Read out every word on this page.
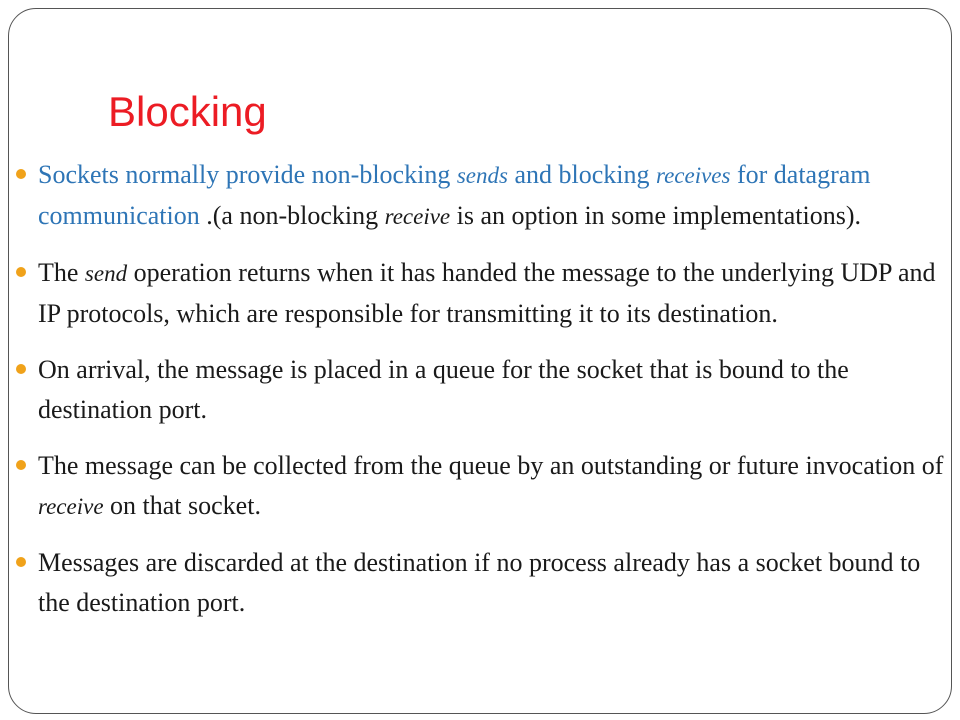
Blocking
Sockets normally provide non-blocking sends and blocking receives for datagram communication .(a non-blocking receive is an option in some implementations).
The send operation returns when it has handed the message to the underlying UDP and IP protocols, which are responsible for transmitting it to its destination.
On arrival, the message is placed in a queue for the socket that is bound to the destination port.
The message can be collected from the queue by an outstanding or future invocation of receive on that socket.
Messages are discarded at the destination if no process already has a socket bound to the destination port.
